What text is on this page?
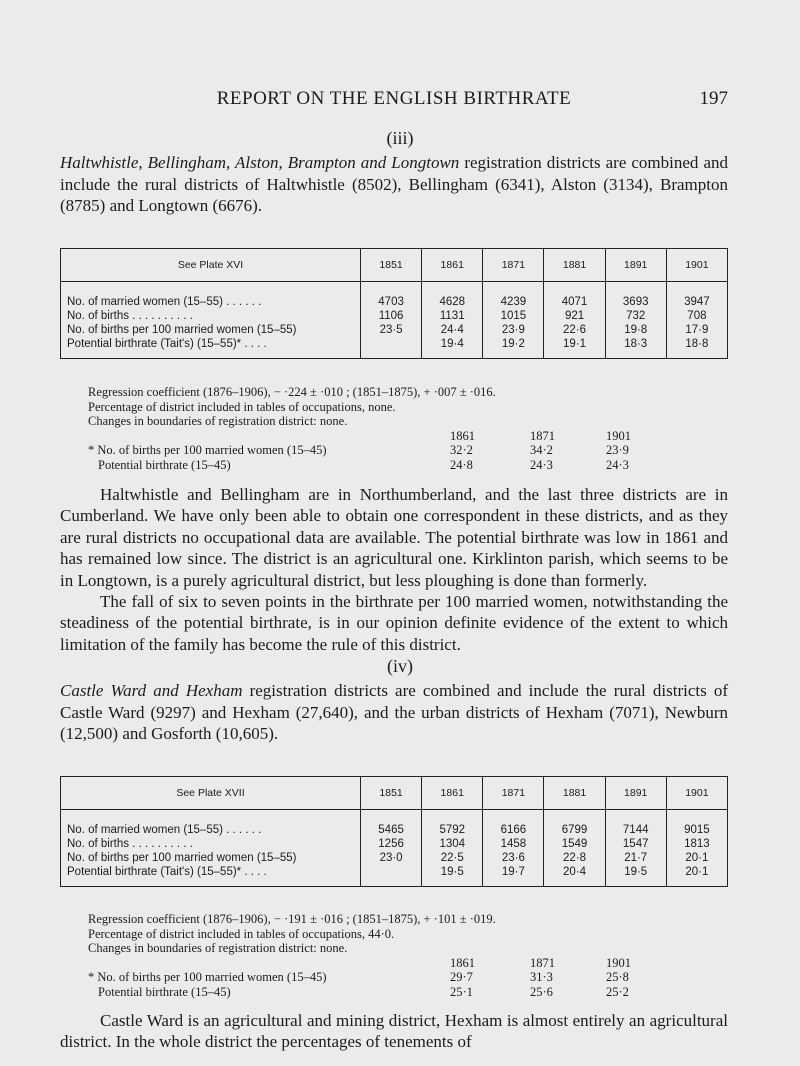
REPORT ON THE ENGLISH BIRTHRATE	197
(iii)
Haltwhistle, Bellingham, Alston, Brampton and Longtown registration districts are combined and include the rural districts of Haltwhistle (8502), Bellingham (6341), Alston (3134), Brampton (8785) and Longtown (6676).
See Plate XVI	1851	1861	1871	1881	1891	1901
No. of married women (15–55) . . . . . .	4703	4628	4239	4071	3693	3947
No. of births . . . . . . . . . .	1106	1131	1015	921	732	708
No. of births per 100 married women (15–55)	23·5	24·4	23·9	22·6	19·8	17·9
Potential birthrate (Tait's) (15–55)* . . . .		19·4	19·2	19·1	18·3	18·8
Regression coefficient (1876–1906), − ·224 ± ·010 ; (1851–1875), + ·007 ± ·016.
Percentage of district included in tables of occupations, none.
Changes in boundaries of registration district: none.
1861	1871	1901
* No. of births per 100 married women (15–45)	32·2	34·2	23·9
Potential birthrate (15–45)	24·8	24·3	24·3

Haltwhistle and Bellingham are in Northumberland, and the last three districts are in Cumberland. We have only been able to obtain one correspondent in these districts, and as they are rural districts no occupational data are available. The potential birthrate was low in 1861 and has remained low since. The district is an agricultural one. Kirklinton parish, which seems to be in Longtown, is a purely agricultural district, but less ploughing is done than formerly.

The fall of six to seven points in the birthrate per 100 married women, notwithstanding the steadiness of the potential birthrate, is in our opinion definite evidence of the extent to which limitation of the family has become the rule of this district.

(iv)
Castle Ward and Hexham registration districts are combined and include the rural districts of Castle Ward (9297) and Hexham (27,640), and the urban districts of Hexham (7071), Newburn (12,500) and Gosforth (10,605).
See Plate XVII	1851	1861	1871	1881	1891	1901
No. of married women (15–55) . . . . . .	5465	5792	6166	6799	7144	9015
No. of births . . . . . . . . . .	1256	1304	1458	1549	1547	1813
No. of births per 100 married women (15–55)	23·0	22·5	23·6	22·8	21·7	20·1
Potential birthrate (Tait's) (15–55)* . . . .		19·5	19·7	20·4	19·5	20·1
Regression coefficient (1876–1906), − ·191 ± ·016 ; (1851–1875), + ·101 ± ·019.
Percentage of district included in tables of occupations, 44·0.
Changes in boundaries of registration district: none.
1861	1871	1901
* No. of births per 100 married women (15–45)	29·7	31·3	25·8
Potential birthrate (15–45)	25·1	25·6	25·2

Castle Ward is an agricultural and mining district, Hexham is almost entirely an agricultural district. In the whole district the percentages of tenements of
